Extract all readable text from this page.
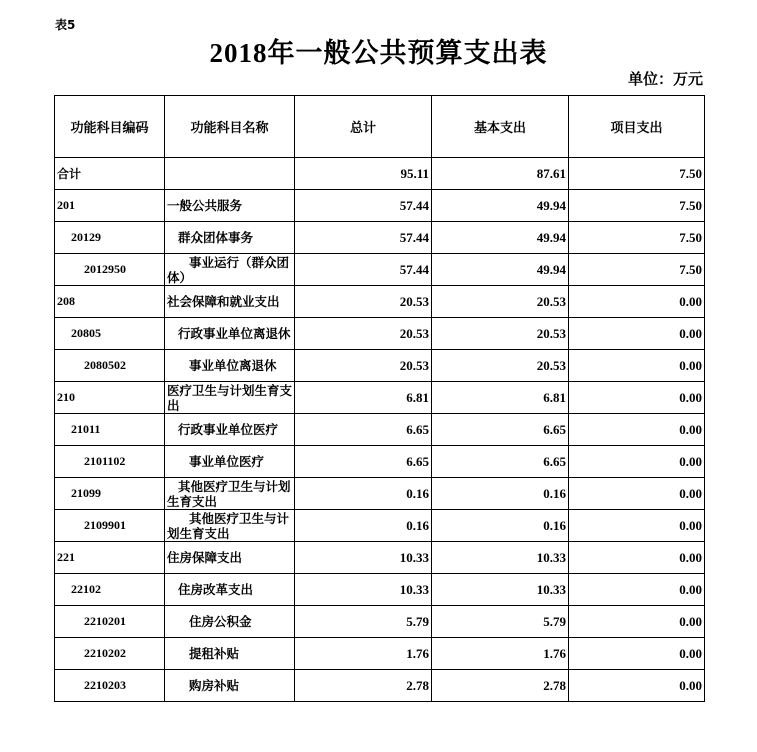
表5
2018年一般公共预算支出表
单位：万元
功能科目编码	功能科目名称	总计	基本支出	项目支出
合计		95.11	87.61	7.50
201	一般公共服务	57.44	49.94	7.50
20129	群众团体事务	57.44	49.94	7.50
2012950	事业运行（群众团体）	57.44	49.94	7.50
208	社会保障和就业支出	20.53	20.53	0.00
20805	行政事业单位离退休	20.53	20.53	0.00
2080502	事业单位离退休	20.53	20.53	0.00
210	医疗卫生与计划生育支出	6.81	6.81	0.00
21011	行政事业单位医疗	6.65	6.65	0.00
2101102	事业单位医疗	6.65	6.65	0.00
21099	其他医疗卫生与计划生育支出	0.16	0.16	0.00
2109901	其他医疗卫生与计划生育支出	0.16	0.16	0.00
221	住房保障支出	10.33	10.33	0.00
22102	住房改革支出	10.33	10.33	0.00
2210201	住房公积金	5.79	5.79	0.00
2210202	提租补贴	1.76	1.76	0.00
2210203	购房补贴	2.78	2.78	0.00
